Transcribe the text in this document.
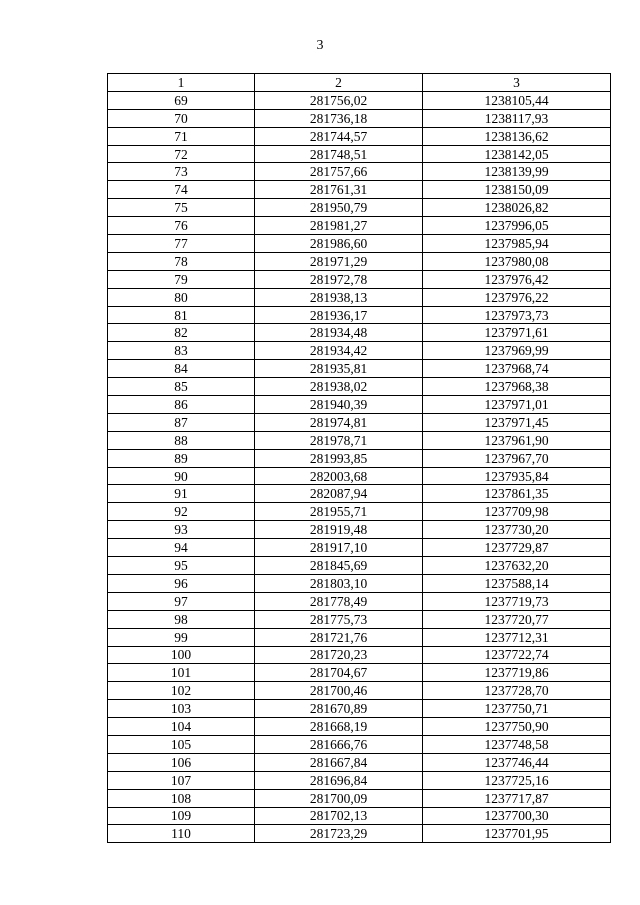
3
1	2	3
69	281756,02	1238105,44
70	281736,18	1238117,93
71	281744,57	1238136,62
72	281748,51	1238142,05
73	281757,66	1238139,99
74	281761,31	1238150,09
75	281950,79	1238026,82
76	281981,27	1237996,05
77	281986,60	1237985,94
78	281971,29	1237980,08
79	281972,78	1237976,42
80	281938,13	1237976,22
81	281936,17	1237973,73
82	281934,48	1237971,61
83	281934,42	1237969,99
84	281935,81	1237968,74
85	281938,02	1237968,38
86	281940,39	1237971,01
87	281974,81	1237971,45
88	281978,71	1237961,90
89	281993,85	1237967,70
90	282003,68	1237935,84
91	282087,94	1237861,35
92	281955,71	1237709,98
93	281919,48	1237730,20
94	281917,10	1237729,87
95	281845,69	1237632,20
96	281803,10	1237588,14
97	281778,49	1237719,73
98	281775,73	1237720,77
99	281721,76	1237712,31
100	281720,23	1237722,74
101	281704,67	1237719,86
102	281700,46	1237728,70
103	281670,89	1237750,71
104	281668,19	1237750,90
105	281666,76	1237748,58
106	281667,84	1237746,44
107	281696,84	1237725,16
108	281700,09	1237717,87
109	281702,13	1237700,30
110	281723,29	1237701,95
